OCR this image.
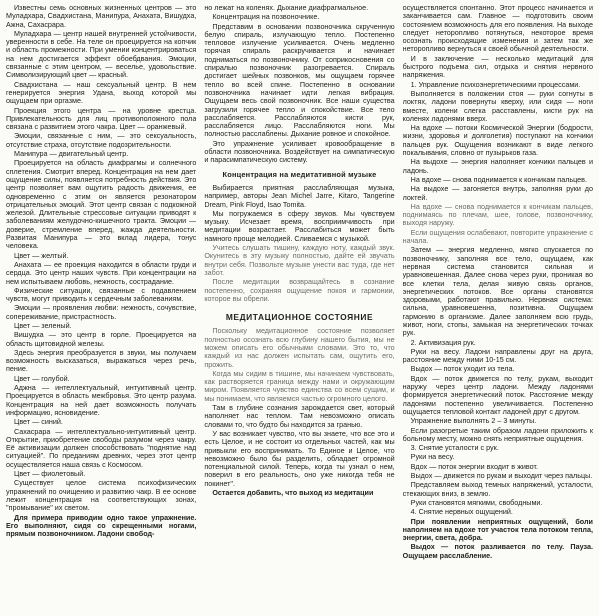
Известны семь основных жизненных центров — это Муладхара, Свадхистана, Манипура, Анахата, Вишудха, Ажна, Сахасрара.

Муладхара — центр нашей внутренней устойчивости, уверенности в себе. На теле он проецируется на копчик и область промежности. При умении концентрироваться на нем достигается эффект обоебдвания. Эмоции, связанные с этим центром, — веселье, удовольствие. Символизирующий цвет — красный.

Свадхистана — наш сексуальный центр. В нем генерируется энергия Удана, выход которой мы ощущаем при оргазме.

Проекция этого центра — на уровне крестца. Привлекательность для лиц противоположного пола связана с развитием этого чакра. Цвет — оранжевый.

Эмоции, связанные с ним, — это сексуальность, отсутствие страха, отсутствие подозрительности.

Манипура — двигательный центр.

Проецируется на область диафрагмы и солнечного сплетения. Смотрит вперед. Концентрация на нем дает ощущение силы, появляется потребность действия. Это центр позволяет вам ощутить радость движения, ее одновременно с этим он является резонатором отрицательных эмоций. Этот центр связан с подкожной железой. Длительные стрессовые ситуации приводят к заболеваниям желудочно-кишечного тракта. Эмоции — доверие, стремление вперед, жажда деятельности. Развитая Манипура — это вклад лидера, тонус человека.

Цвет — желтый.

Анахата — ее проекция находится в области груди и сердца. Это центр наших чувств. При концентрации на нем испытываем любовь, нежность, сострадание.

Физические ситуации, связанные с подавлением чувств, могут приводить к сердечным заболеваниям.

Эмоции — проявления любви: нежность, сочувствие, сопереживание, пристрастность.

Цвет — зеленый.

Вишудха — это центр в горле. Проецируется на область щитовидной железы.

Здесь энергия преобразуется в звуки, мы получаем возможность высказаться, выражаться через речь, пение.

Цвет — голубой.

Аджна — интеллектуальный, интуитивный центр. Проецируется в область межбровья. Это центр разума. Концентрация на ней дает возможность получать информацию, ясновидение.

Цвет — синий.

Сахасрара — интеллектуально-интуитивный центр. Открытие, приобретение свободы разумом через чакру. Её активизации должен способствовать "поднятие над ситуацией". По преданиям древних, через этот центр осуществляется наша связь с Космосом.

Цвет — фиолетовый.

Существует целое система психофизических упражнений по очищению и развитию чакр. В ее основе лежит концентрация на соответствующих зонах, "промывание" их светом.

Для примера приводим одно такое упражнение. Его выполняют, сидя со скрещенными ногами, прямым позвоночником. Ладони свобод-

но лежат на коленях. Дыхание диафрагмальное.

Концентрация на позвоночнике.

Представим в основании позвоночника скрученную белую спираль, излучающую тепло. Постепенно тепловое излучение усиливается. Очень медленно горячая спираль раскручивается и начинает подниматься по позвоночнику. От соприкосновения со спиралью позвоночник разогревается. Спираль достигает шейных позвонков, мы ощущаем горячее тепло во всей спине. Постепенно в основании позвоночника начинает идти легкая вибрация. Ощущаем весь свой позвоночник. Все наши существа загрузили горячее тепло и спокойствие. Все тело расслабляется. Расслабляются кисти рук, расслабляется лицо. Расслабляются ноги. Мы полностью расслаблены. Дыхание ровное и спокойное.

Это упражнение усиливает кровообращение в области позвоночника. Воздействует на симпатическую и парасимпатическую систему.

Концентрация на медитативной музыке

Выбирается приятная расслабляющая музыка, например, авторы Jean Michel Jarre, Kitaro, Tangerine Dream, Pink Floyd, Isao Tomita.

Мы погружаемся в сферу звуков. Мы чувствуем музыку. Исчезает время, восприимчивость при медитации возрастает. Расслабиться может быть намного проще мелодией. Сливаемся с музыкой.

Учитесь слушать тишину, каждую ноту, каждый звук. Окунитесь в эту музыку полностью, дайте ей звучать внутри себя. Позвольте музыке унести вас туда, где нет забот.

После медитации возвращайтесь в сознание постепенно, сохраняя ощущение покоя и гармонии, которое вы обрели.

МЕДИТАЦИОННОЕ СОСТОЯНИЕ

Поскольку медитационное состояние позволяет полностью осознать всю глубину нашего бытия, мы не можем описать его обычными словами. Это то, что каждый из нас должен испытать сам, ощутить его, прожить.

Когда мы сидим в тишине, мы начинаем чувствовать, как растворяется граница между нами и окружающим миром. Появляется чувство единства со всем сущим, и мы понимаем, что являемся частью огромного целого.

Там в глубине сознания зарождается свет, который наполняет нас теплом. Там невозможно описать словами то, что будто бы находится за гранью.

У вас возникает чувство, что вы знаете, что все это и есть Целое, и не состоит из отдельных частей, как мы привыкли его воспринимать. То Единое и Целое, что невозможно было бы разделить, обладает огромной потенциальной силой. Теперь, когда ты узнал о нем, поверил в его реальность, оно уже никогда тебя не покинет".

Остается добавить, что выход из медитации

осуществляется спонтанно. Этот процесс начинается и заканчивается сам. Главное — подготовить своим состоянием возможность для его появления. На выходе следует неторопливо потянуться, некоторое время осознать происходящие изменения и затем так же неторопливо вернуться к своей обычной деятельности.

И в заключение — несколько медитаций для быстрого подъема сил, отдыха и снятия нервного напряжения.

1. Управление психоэнергетическими процессами.

Выполняется в положении стоя — руки согнуты в локтях, ладони повернуты кверху, или сидя — ноги вместе, колени слегка расставлены, кисти рук на коленях ладонями вверх.

На вдохе — потоки Космической Энергии (бодрости, жизни, здоровья и долголетия) поступают на кончики пальцев рук. Ощущения возникают в виде легкого покалывания, словно от пузырьков газа.

На выдохе — энергия наполняет кончики пальцев и ладонь.

На вдохе — снова поднимается к кончикам пальцев.

На выдохе — загоняется внутрь, заполняя руки до локтей.

На вдохе — снова поднимается к кончикам пальцев, поднимаясь по плечам, шее, голове, позвоночнику, выходя наружу.

Если ощущения ослабевают, повторите упражнение с начала.

Затем — энергия медленно, мягко спускается по позвоночнику, заполняя все тело, ощущаем, как нервная система становится сильная и уравновешенная. Далее снова через руки, проникая во все клетки тела, делая живую связь органов, энергетических потоков. Все органы становятся здоровыми, работают правильно. Нервная система: сильна, уравновешенна, позитивна. Ощущаем гармонию в организме. Далее заполняем всю грудь, живот, ноги, стопы, замыкая на энергетических точках рук.

2. Активизация рук.

Руки на весу. Ладони направлены друг на друга, расстояние между ними 10-15 см.

Выдох — поток уходит из тела.

Вдох — поток движется по телу, рукам, выходит наружу через центр ладони. Между ладонями формируется энергетический поток. Расстояние между ладонями постепенно увеличивается. Постепенно ощущается тепловой контакт ладоней друг с другом.

Упражнение выполнять 2 – 3 минуты.

Если разогретые таким образом ладони приложить к больному месту, можно снять неприятные ощущения.

3. Снятие усталости с рук.

Руки на весу.

Вдох — поток энергии входит в живот.

Выдох — движется по рукам и выходит через пальцы.

Представляем выход темных напряжений, усталости, стекающих вниз, в землю.

Руки становятся мягкими, свободными.

4. Снятие нервных ощущений.

При появлении неприятных ощущений, боли наполняем на вдохе тот участок тела потоком тепла, энергии, света, добра.

Выдох — поток разливается по телу. Пауза. Ощущаем расслабление.
